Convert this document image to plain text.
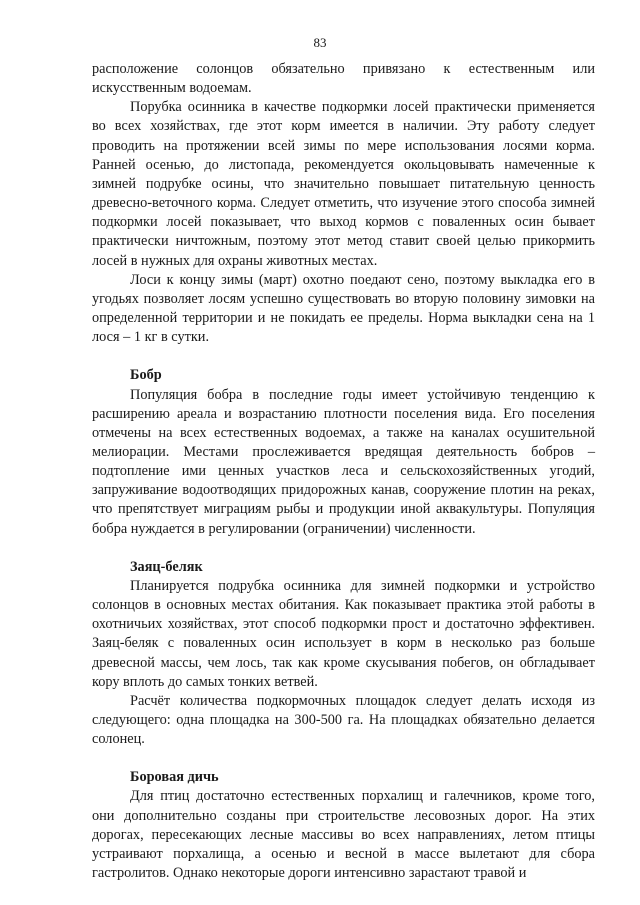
83

расположение солонцов обязательно привязано к естественным или искусственным водоемам.

Порубка осинника в качестве подкормки лосей практически применяется во всех хозяйствах, где этот корм имеется в наличии. Эту работу следует проводить на протяжении всей зимы по мере использования лосями корма. Ранней осенью, до листопада, рекомендуется окольцовывать намеченные к зимней подрубке осины, что значительно повышает питательную ценность древесно-веточного корма. Следует отметить, что изучение этого способа зимней подкормки лосей показывает, что выход кормов с поваленных осин бывает практически ничтожным, поэтому этот метод ставит своей целью прикормить лосей в нужных для охраны животных местах.

Лоси к концу зимы (март) охотно поедают сено, поэтому выкладка его в угодьях позволяет лосям успешно существовать во вторую половину зимовки на определенной территории и не покидать ее пределы. Норма выкладки сена на 1 лося – 1 кг в сутки.

Бобр

Популяция бобра в последние годы имеет устойчивую тенденцию к расширению ареала и возрастанию плотности поселения вида. Его поселения отмечены на всех естественных водоемах, а также на каналах осушительной мелиорации. Местами прослеживается вредящая деятельность бобров – подтопление ими ценных участков леса и сельскохозяйственных угодий, запруживание водоотводящих придорожных канав, сооружение плотин на реках, что препятствует миграциям рыбы и продукции иной аквакультуры. Популяция бобра нуждается в регулировании (ограничении) численности.

Заяц-беляк

Планируется подрубка осинника для зимней подкормки и устройство солонцов в основных местах обитания. Как показывает практика этой работы в охотничьих хозяйствах, этот способ подкормки прост и достаточно эффективен. Заяц-беляк с поваленных осин использует в корм в несколько раз больше древесной массы, чем лось, так как кроме скусывания побегов, он обгладывает кору вплоть до самых тонких ветвей.

Расчёт количества подкормочных площадок следует делать исходя из следующего: одна площадка на 300-500 га. На площадках обязательно делается солонец.

Боровая дичь

Для птиц достаточно естественных порхалищ и галечников, кроме того, они дополнительно созданы при строительстве лесовозных дорог. На этих дорогах, пересекающих лесные массивы во всех направлениях, летом птицы устраивают порхалища, а осенью и весной в массе вылетают для сбора гастролитов. Однако некоторые дороги интенсивно зарастают травой и
